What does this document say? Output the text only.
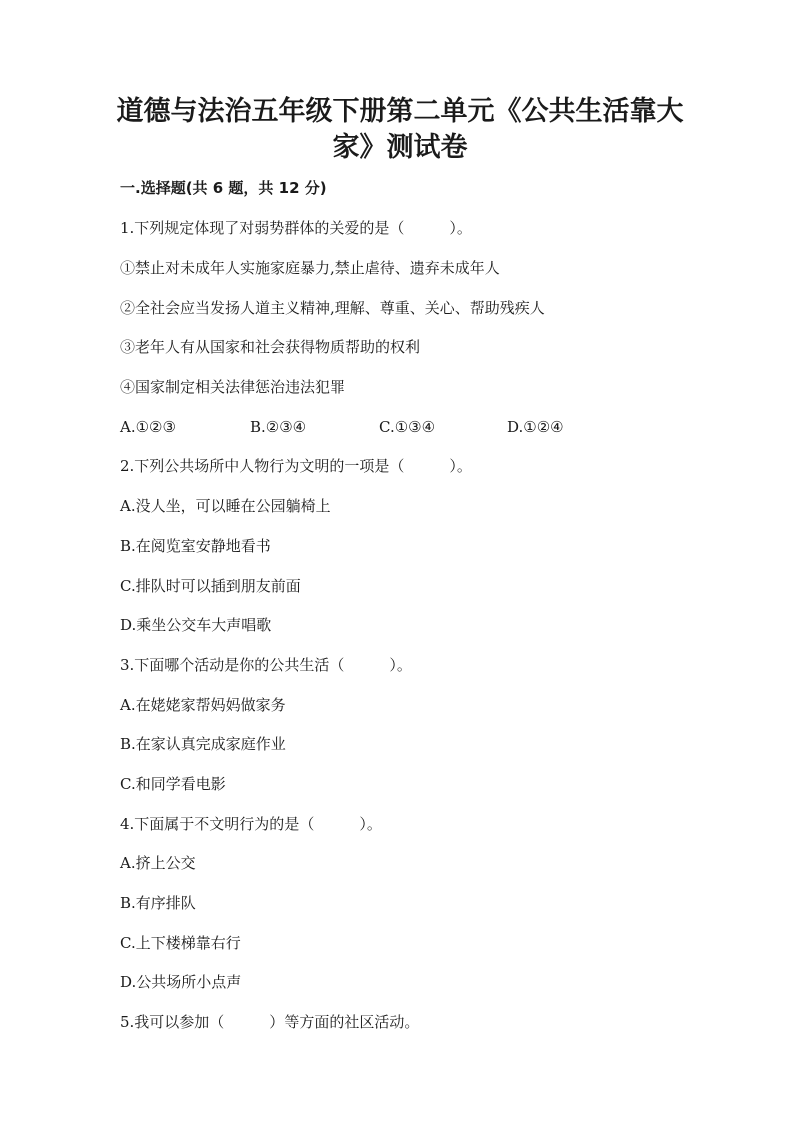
道德与法治五年级下册第二单元《公共生活靠大
家》测试卷
一.选择题(共 6 题，共 12 分)
1.下列规定体现了对弱势群体的关爱的是（　　　）。
①禁止对未成年人实施家庭暴力,禁止虐待、遗弃未成年人
②全社会应当发扬人道主义精神,理解、尊重、关心、帮助残疾人
③老年人有从国家和社会获得物质帮助的权利
④国家制定相关法律惩治违法犯罪
A.①②③	B.②③④	C.①③④	D.①②④
2.下列公共场所中人物行为文明的一项是（　　　）。
A.没人坐，可以睡在公园躺椅上
B.在阅览室安静地看书
C.排队时可以插到朋友前面
D.乘坐公交车大声唱歌
3.下面哪个活动是你的公共生活（　　　）。
A.在姥姥家帮妈妈做家务
B.在家认真完成家庭作业
C.和同学看电影
4.下面属于不文明行为的是（　　　）。
A.挤上公交
B.有序排队
C.上下楼梯靠右行
D.公共场所小点声
5.我可以参加（　　　）等方面的社区活动。
